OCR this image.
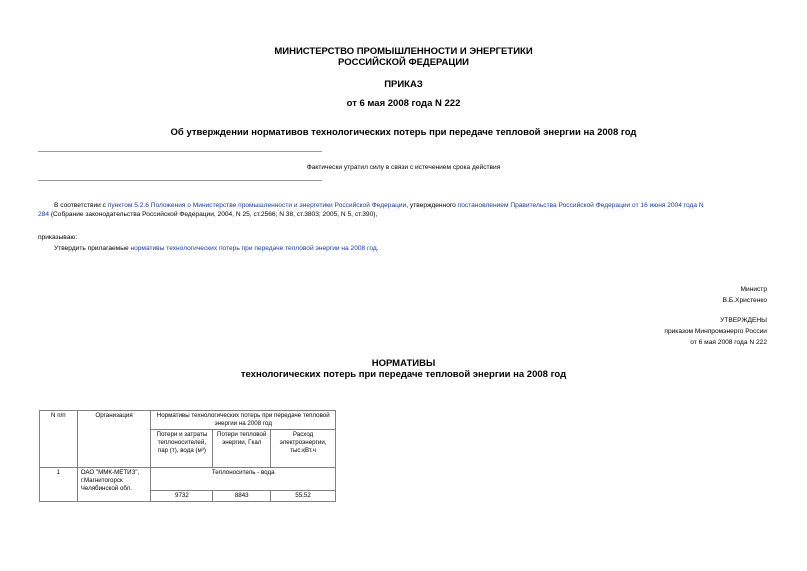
МИНИСТЕРСТВО ПРОМЫШЛЕННОСТИ И ЭНЕРГЕТИКИ
РОССИЙСКОЙ ФЕДЕРАЦИИ
ПРИКАЗ
от 6 мая 2008 года N 222
Об утверждении нормативов технологических потерь при передаче тепловой энергии на 2008 год
Фактически утратил силу в связи с истечением срока действия
В соответствии с пунктом 5.2.6 Положения о Министерстве промышленности и энергетики Российской Федерации, утвержденного постановлением Правительства Российской Федерации от 16 июня 2004 года N
284 (Собрание законодательства Российской Федерации, 2004, N 25, ст.2566; N 38, ст.3803; 2005, N 5, ст.390),
приказываю:
Утвердить прилагаемые нормативы технологических потерь при передаче тепловой энергии на 2008 год.
Министр
В.Б.Христенко
УТВЕРЖДЕНЫ
приказом Минпромэнерго России
от 6 мая 2008 года N 222
НОРМАТИВЫ
технологических потерь при передаче тепловой энергии на 2008 год
N п/п	Организация	Нормативы технологических потерь при передаче тепловой энергии на 2008 год		
		Потери и затраты теплоносителей, пар (т), вода (м³)	Потери тепловой энергии, Гкал	Расход электроэнергии, тыс.кВт.ч
1	ОАО "ММК-МЕТИЗ", г.Магнитогорск Челябинской обл.	Теплоноситель - вода		
		9732	8843	55,52
